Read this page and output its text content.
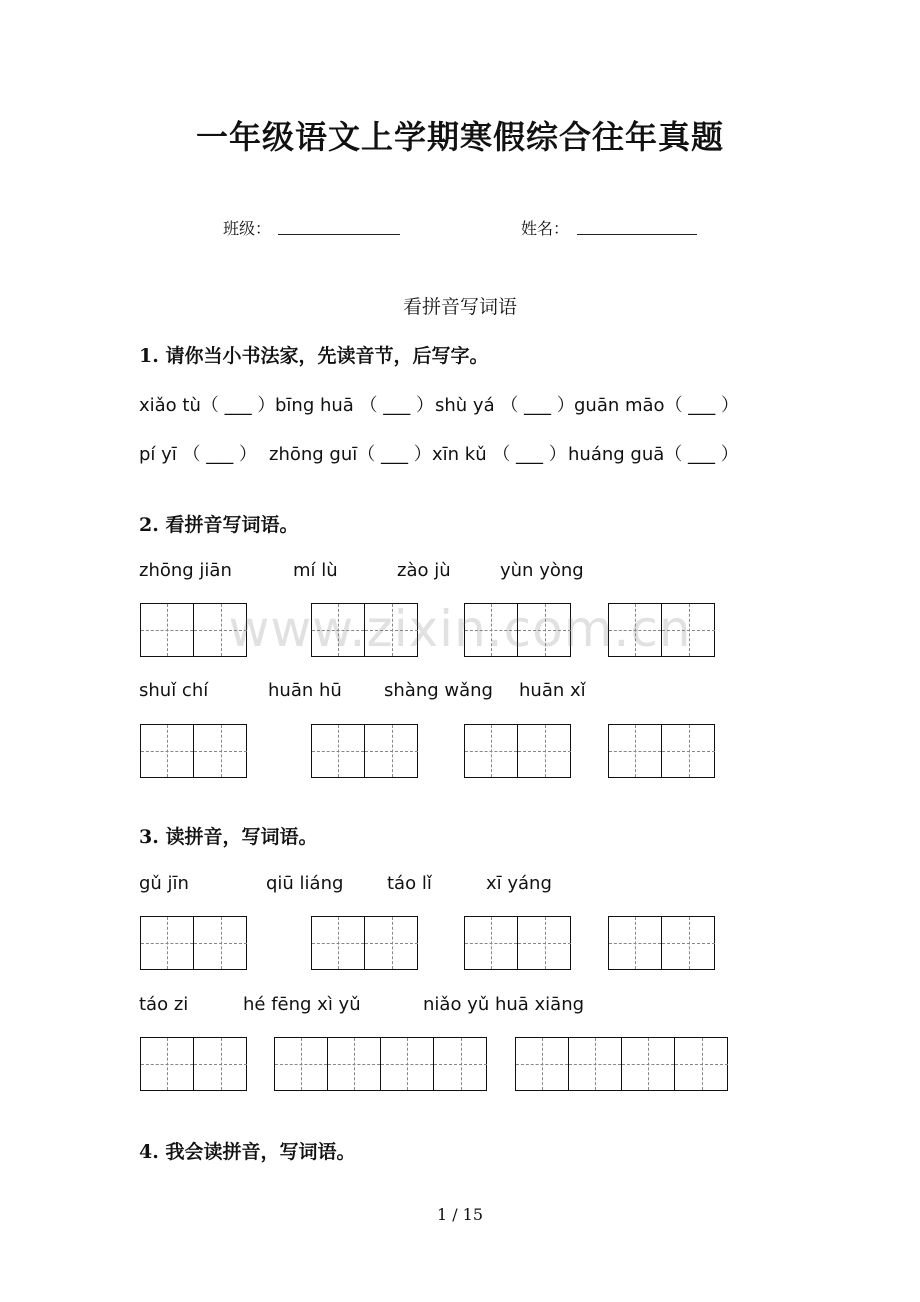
一年级语文上学期寒假综合往年真题
班级：	姓名：
看拼音写词语
1. 请你当小书法家，先读音节，后写字。
xiǎo tù（ ___ ） bīng huā （ ___ ） shù yá （ ___ ） guān māo（ ___ ）
pí yī （ ___ ） zhōng guī（ ___ ） xīn kǔ （ ___ ） huáng guā（ ___ ）
2. 看拼音写词语。
zhōng jiān	mí lù	zào jù	yùn yòng
shuǐ chí	huān hū shàng wǎng huān xǐ
3. 读拼音，写词语。
gǔ jīn	qiū liáng táo lǐ	xī yáng
táo zi	hé fēng xì yǔ	niǎo yǔ huā xiāng
4. 我会读拼音，写词语。
www.zixin.com.cn
1 / 15
